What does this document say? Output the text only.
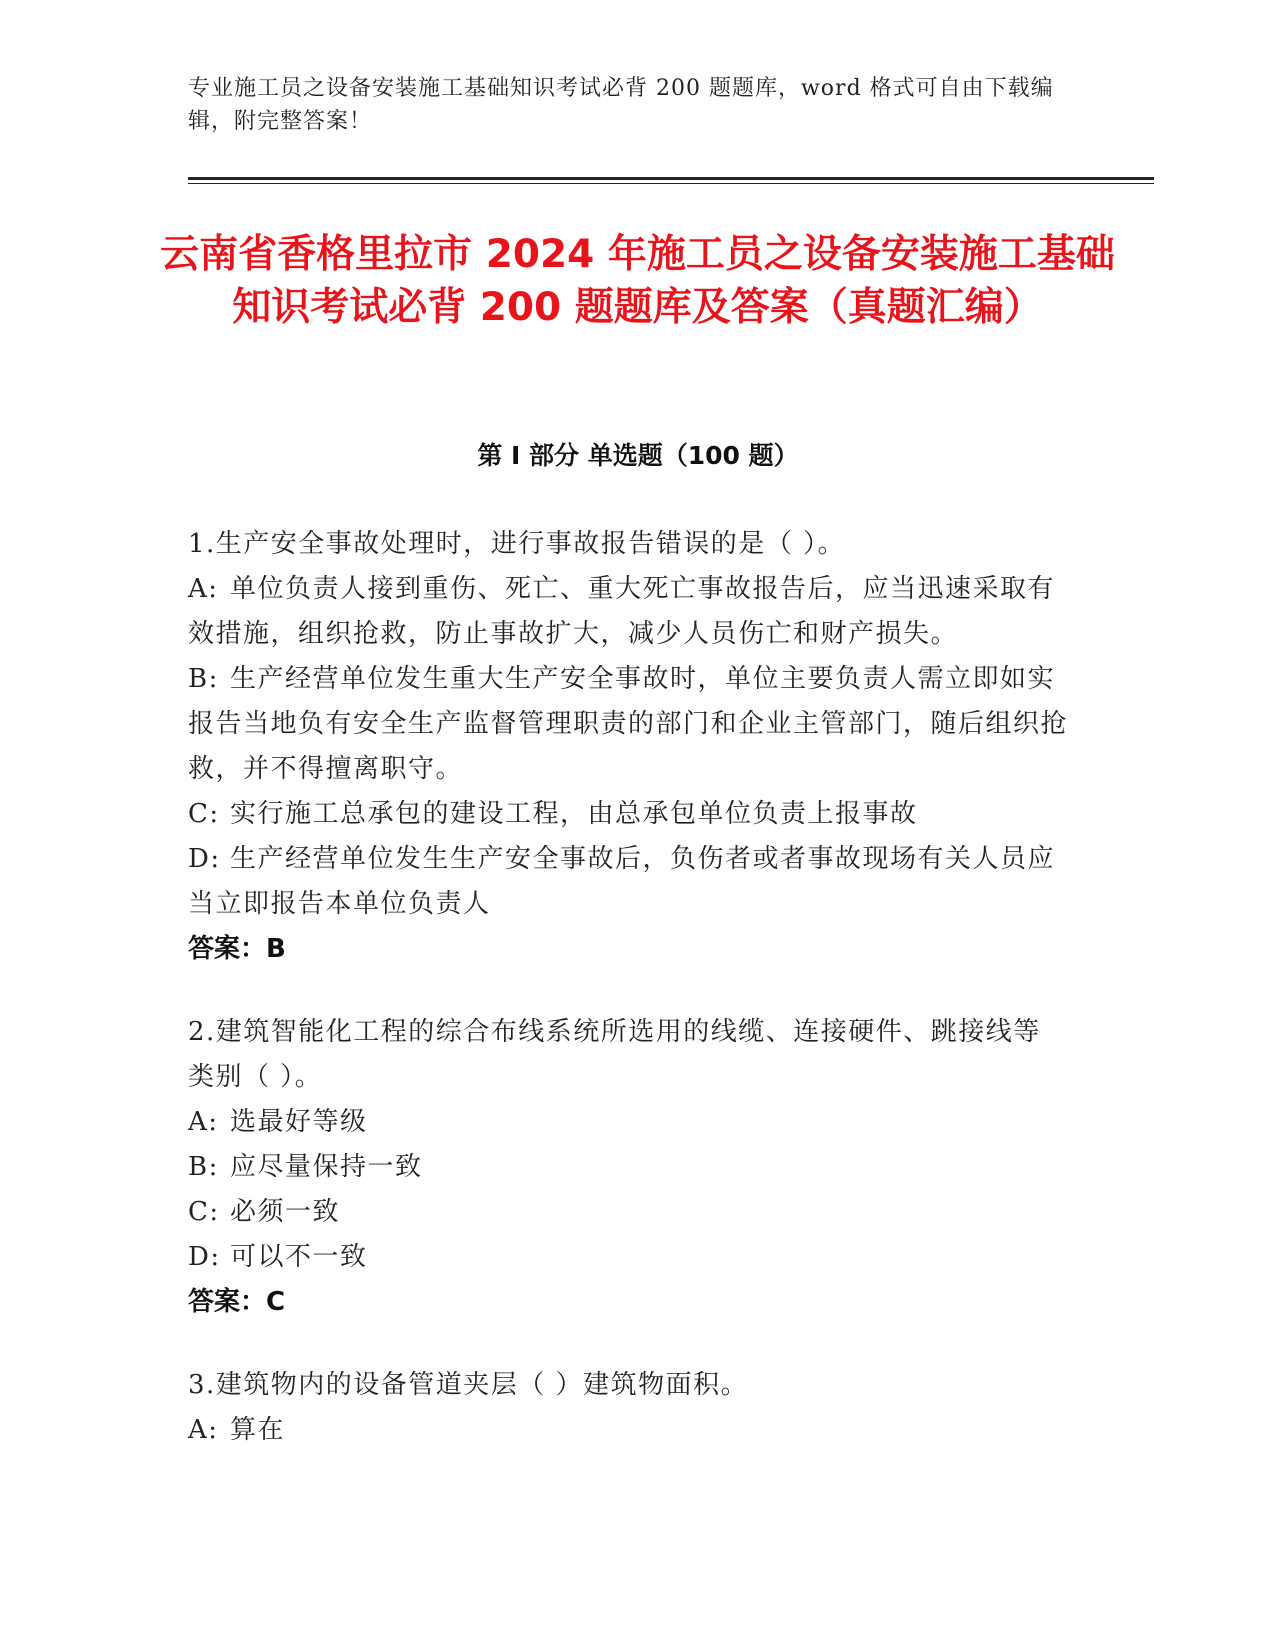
专业施工员之设备安装施工基础知识考试必背 200 题题库，word 格式可自由下载编辑，附完整答案！
云南省香格里拉市 2024 年施工员之设备安装施工基础知识考试必背 200 题题库及答案（真题汇编）
第 I 部分 单选题（100 题）
1.生产安全事故处理时，进行事故报告错误的是（ ）。
A: 单位负责人接到重伤、死亡、重大死亡事故报告后，应当迅速采取有效措施，组织抢救，防止事故扩大，减少人员伤亡和财产损失。
B: 生产经营单位发生重大生产安全事故时，单位主要负责人需立即如实报告当地负有安全生产监督管理职责的部门和企业主管部门，随后组织抢救，并不得擅离职守。
C: 实行施工总承包的建设工程，由总承包单位负责上报事故
D: 生产经营单位发生生产安全事故后，负伤者或者事故现场有关人员应当立即报告本单位负责人
答案：B
2.建筑智能化工程的综合布线系统所选用的线缆、连接硬件、跳接线等类别（ ）。
A: 选最好等级
B: 应尽量保持一致
C: 必须一致
D: 可以不一致
答案：C
3.建筑物内的设备管道夹层（ ）建筑物面积。
A: 算在
